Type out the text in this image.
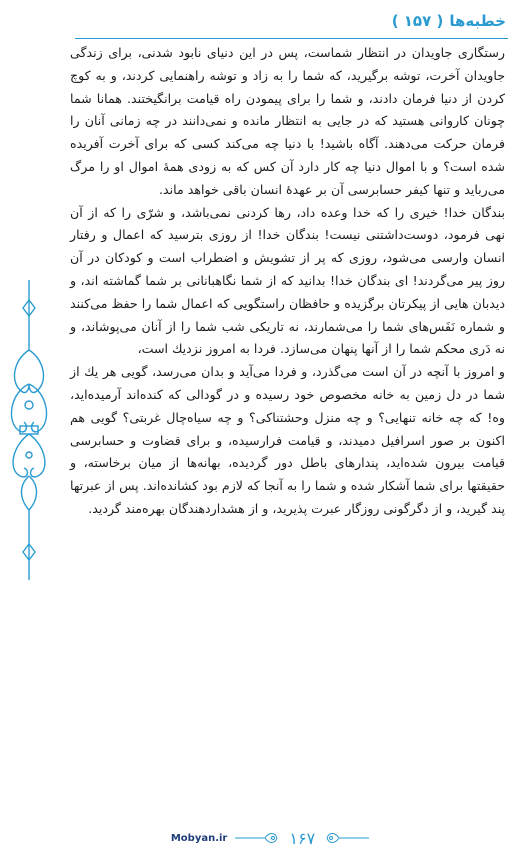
خطبه‌ها
( ۱۵۷ )

رستگاری جاویدان در انتظار شماست، پس در این دنیای نابود شدنی، برای زندگی جاویدان آخرت، توشه برگیرید، که شما را به زاد و توشه راهنمایی کردند، و به کوچ کردن از دنیا فرمان دادند، و شما را برای پیمودن راه قیامت برانگیختند. همانا شما چونان کاروانی هستید که در جایی به انتظار مانده و نمی‌دانند در چه زمانی آنان را فرمان حرکت می‌دهند. آگاه باشید! با دنیا چه می‌کند کسی که برای آخرت آفریده شده است؟ و با اموال دنیا چه کار دارد آن کس که به زودی همهٔ اموال او را مرگ می‌رباید و تنها کیفر حسابرسی آن بر عهدهٔ انسان باقی خواهد ماند.

بندگان خدا! خیری را که خدا وعده داد، رها کردنی نمی‌باشد، و شرّی را که از آن نهی فرمود، دوست‌داشتنی نیست! بندگان خدا! از روزی بترسید که اعمال و رفتار انسان وارسی می‌شود، روزی که پر از تشویش و اضطراب است و کودکان در آن روز پیر می‌گردند! ای بندگان خدا! بدانید که از شما نگاهبانانی بر شما گماشته اند، و دیدبان هایی از پیکرتان برگزیده و حافظان راستگویی که اعمال شما را حفظ می‌کنند و شماره نَفَس‌های شما را می‌شمارند، نه تاریکی شب شما را از آنان می‌پوشاند، و نه دَری محکم شما را از آنها پنهان می‌سازد. فردا به امروز نزدیك است،

و امروز با آنچه در آن است می‌گذرد، و فردا می‌آید و بدان می‌رسد، گویی هر یك از شما در دل زمین به خانه مخصوص خود رسیده و در گودالی که کنده‌اند آرمیده‌اید، وه! که چه خانه تنهایی؟ و چه منزل وحشتناکی؟ و چه سیاه‌چال غربتی؟ گویی هم اکنون بر صور اسرافیل دمیدند، و قیامت فرارسیده، و برای قضاوت و حسابرسی قیامت بیرون شده‌اید، پندارهای باطل دور گردیده، بهانه‌ها از میان برخاسته، و حقیقتها برای شما آشکار شده و شما را به آنجا که لازم بود کشانده‌اند. پس از عبرتها پند گیرید، و از دگرگونی روزگار عبرت پذیرید، و از هشداردهندگان بهره‌مند گردید.

Mobyan.ir	۱۶۷
